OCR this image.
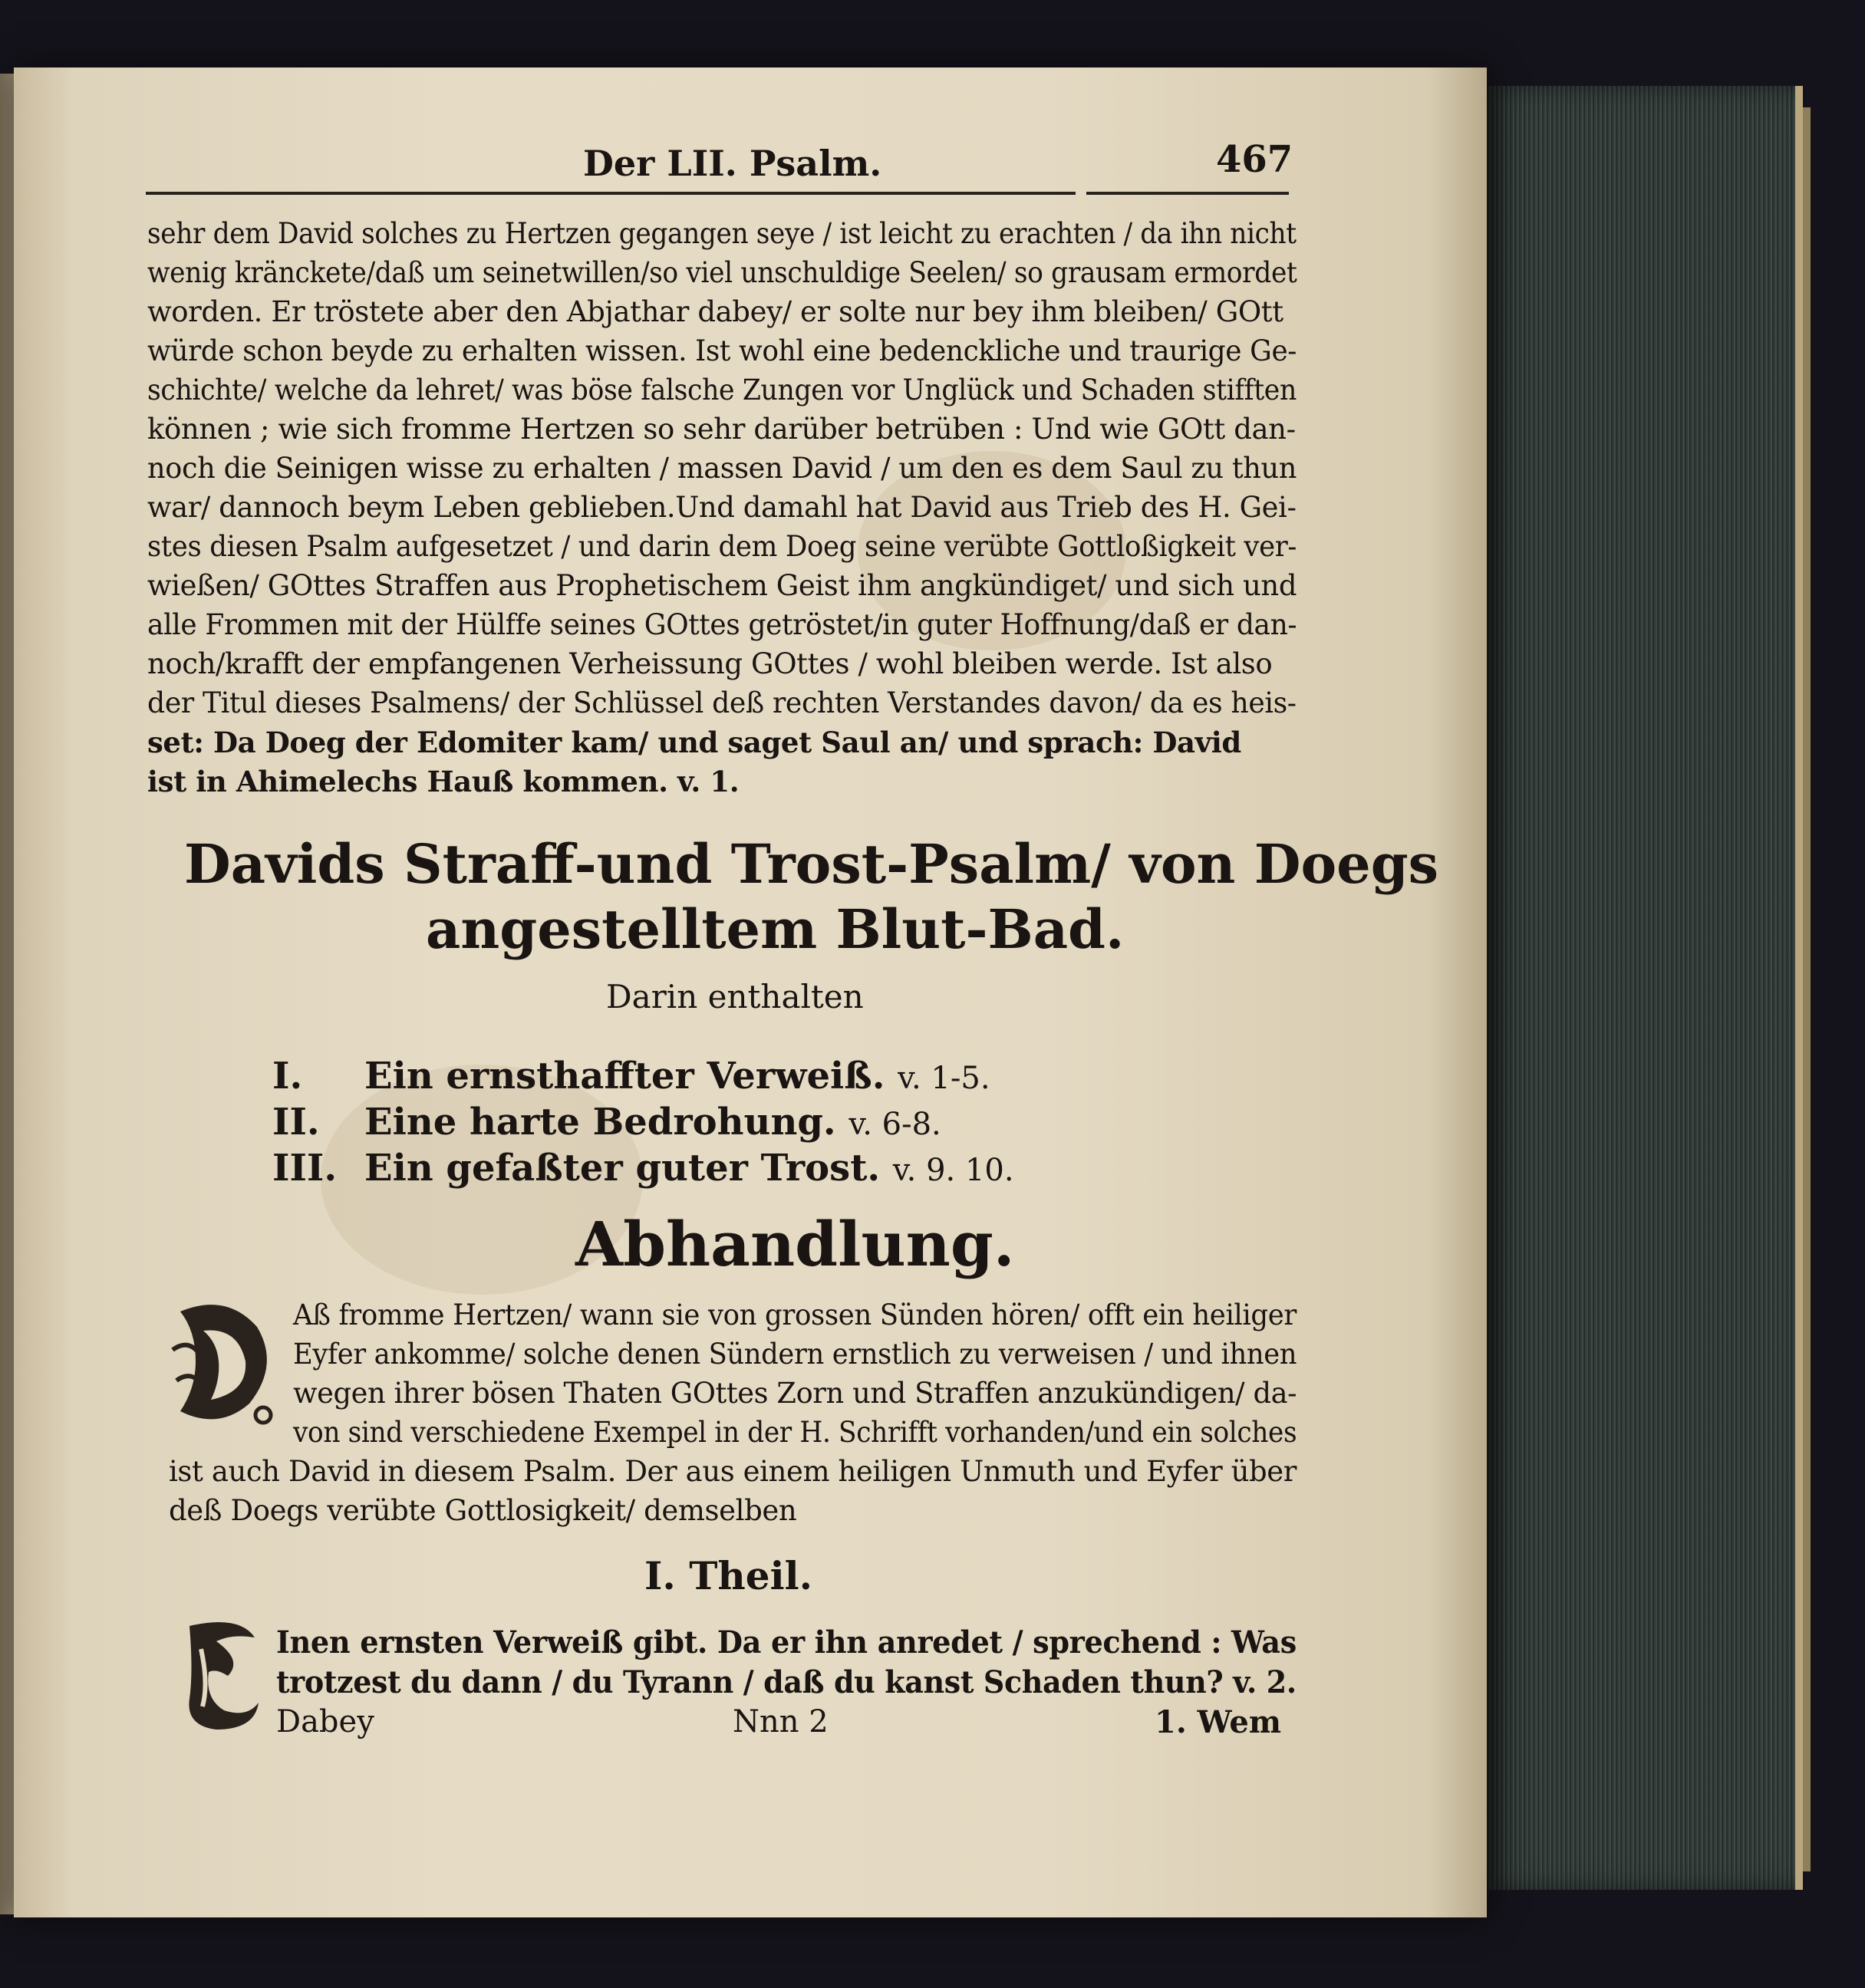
Der LII. Psalm.	467
sehr dem David solches zu Hertzen gegangen seye / ist leicht zu erachten / da ihn nicht
wenig kränckete/daß um seinetwillen/so viel unschuldige Seelen/ so grausam ermordet
worden. Er tröstete aber den Abjathar dabey/ er solte nur bey ihm bleiben/ GOtt
würde schon beyde zu erhalten wissen. Ist wohl eine bedenckliche und traurige Ge-
schichte/ welche da lehret/ was böse falsche Zungen vor Unglück und Schaden stifften
können ; wie sich fromme Hertzen so sehr darüber betrüben : Und wie GOtt dan-
noch die Seinigen wisse zu erhalten / massen David / um den es dem Saul zu thun
war/ dannoch beym Leben geblieben.Und damahl hat David aus Trieb des H. Gei-
stes diesen Psalm aufgesetzet / und darin dem Doeg seine verübte Gottloßigkeit ver-
wießen/ GOttes Straffen aus Prophetischem Geist ihm angkündiget/ und sich und
alle Frommen mit der Hülffe seines GOttes getröstet/in guter Hoffnung/daß er dan-
noch/krafft der empfangenen Verheissung GOttes / wohl bleiben werde. Ist also
der Titul dieses Psalmens/ der Schlüssel deß rechten Verstandes davon/ da es heis-
set: Da Doeg der Edomiter kam/ und saget Saul an/ und sprach: David
ist in Ahimelechs Hauß kommen. v. 1.
Davids Straff-und Trost-Psalm/ von Doegs
angestelltem Blut-Bad.
Darin enthalten
I. Ein ernsthaffter Verweiß. v. 1-5.
II. Eine harte Bedrohung. v. 6-8.
III. Ein gefaßter guter Trost. v. 9. 10.
Abhandlung.
Aß fromme Hertzen/ wann sie von grossen Sünden hören/ offt ein heiliger
Eyfer ankomme/ solche denen Sündern ernstlich zu verweisen / und ihnen
wegen ihrer bösen Thaten GOttes Zorn und Straffen anzukündigen/ da-
von sind verschiedene Exempel in der H. Schrifft vorhanden/und ein solches
ist auch David in diesem Psalm. Der aus einem heiligen Unmuth und Eyfer über
deß Doegs verübte Gottlosigkeit/ demselben
I. Theil.
Inen ernsten Verweiß gibt. Da er ihn anredet / sprechend : Was
trotzest du dann / du Tyrann / daß du kanst Schaden thun? v. 2.
Dabey	Nnn 2	1. Wem
